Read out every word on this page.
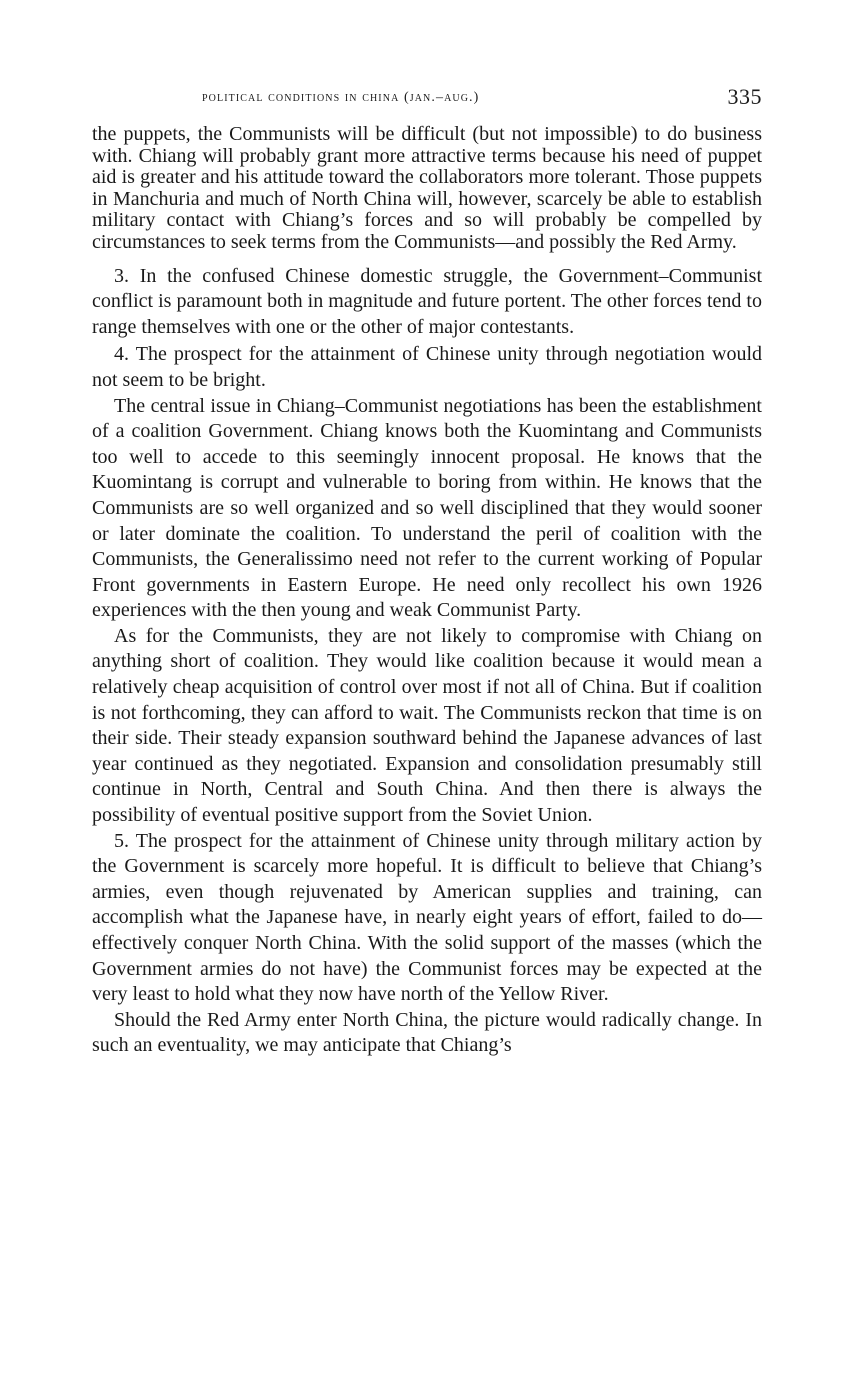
political conditions in china (jan.–aug.)	335

the puppets, the Communists will be difficult (but not impossible) to do business with. Chiang will probably grant more attractive terms because his need of puppet aid is greater and his attitude toward the collaborators more tolerant. Those puppets in Manchuria and much of North China will, however, scarcely be able to establish military contact with Chiang’s forces and so will probably be compelled by circumstances to seek terms from the Communists—and possibly the Red Army.

3. In the confused Chinese domestic struggle, the Government–Communist conflict is paramount both in magnitude and future portent. The other forces tend to range themselves with one or the other of major contestants.

4. The prospect for the attainment of Chinese unity through negotiation would not seem to be bright.

The central issue in Chiang–Communist negotiations has been the establishment of a coalition Government. Chiang knows both the Kuomintang and Communists too well to accede to this seemingly innocent proposal. He knows that the Kuomintang is corrupt and vulnerable to boring from within. He knows that the Communists are so well organized and so well disciplined that they would sooner or later dominate the coalition. To understand the peril of coalition with the Communists, the Generalissimo need not refer to the current working of Popular Front governments in Eastern Europe. He need only recollect his own 1926 experiences with the then young and weak Communist Party.

As for the Communists, they are not likely to compromise with Chiang on anything short of coalition. They would like coalition because it would mean a relatively cheap acquisition of control over most if not all of China. But if coalition is not forthcoming, they can afford to wait. The Communists reckon that time is on their side. Their steady expansion southward behind the Japanese advances of last year continued as they negotiated. Expansion and consolidation presumably still continue in North, Central and South China. And then there is always the possibility of eventual positive support from the Soviet Union.

5. The prospect for the attainment of Chinese unity through military action by the Government is scarcely more hopeful. It is difficult to believe that Chiang’s armies, even though rejuvenated by American supplies and training, can accomplish what the Japanese have, in nearly eight years of effort, failed to do—effectively conquer North China. With the solid support of the masses (which the Government armies do not have) the Communist forces may be expected at the very least to hold what they now have north of the Yellow River.

Should the Red Army enter North China, the picture would radically change. In such an eventuality, we may anticipate that Chiang’s
